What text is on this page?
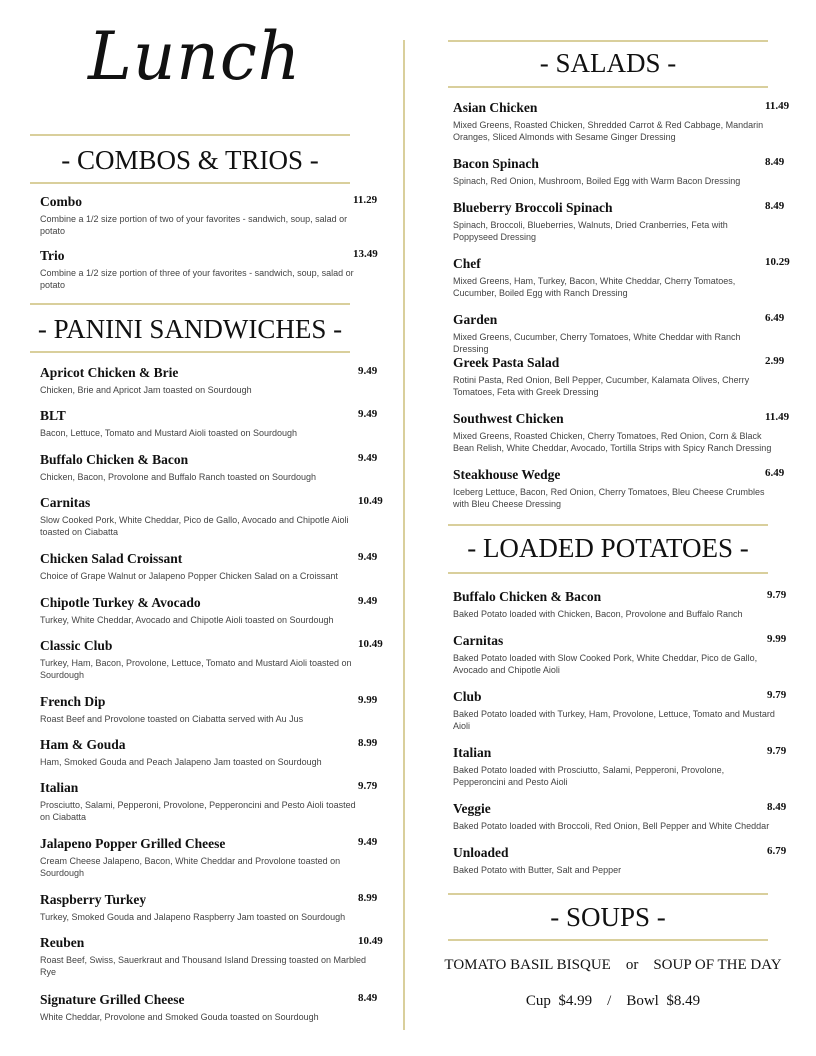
Lunch
- COMBOS & TRIOS -
Combo	11.29
Combine a 1/2 size portion of two of your favorites - sandwich, soup, salad or potato
Trio	13.49
Combine a 1/2 size portion of three of your favorites - sandwich, soup, salad or potato
- PANINI SANDWICHES -
Apricot Chicken & Brie	9.49
Chicken, Brie and Apricot Jam toasted on Sourdough
BLT	9.49
Bacon, Lettuce, Tomato and Mustard Aioli toasted on Sourdough
Buffalo Chicken & Bacon	9.49
Chicken, Bacon, Provolone and Buffalo Ranch toasted on Sourdough
Carnitas	10.49
Slow Cooked Pork, White Cheddar, Pico de Gallo, Avocado and Chipotle Aioli toasted on Ciabatta
Chicken Salad Croissant	9.49
Choice of Grape Walnut or Jalapeno Popper Chicken Salad on a Croissant
Chipotle Turkey & Avocado	9.49
Turkey, White Cheddar, Avocado and Chipotle Aioli toasted on Sourdough
Classic Club	10.49
Turkey, Ham, Bacon, Provolone, Lettuce, Tomato and Mustard Aioli toasted on Sourdough
French Dip	9.99
Roast Beef and Provolone toasted on Ciabatta served with Au Jus
Ham & Gouda	8.99
Ham, Smoked Gouda and Peach Jalapeno Jam toasted on Sourdough
Italian	9.79
Prosciutto, Salami, Pepperoni, Provolone, Pepperoncini and Pesto Aioli toasted on Ciabatta
Jalapeno Popper Grilled Cheese	9.49
Cream Cheese Jalapeno, Bacon, White Cheddar and Provolone toasted on Sourdough
Raspberry Turkey	8.99
Turkey, Smoked Gouda and Jalapeno Raspberry Jam toasted on Sourdough
Reuben	10.49
Roast Beef, Swiss, Sauerkraut and Thousand Island Dressing toasted on Marbled Rye
Signature Grilled Cheese	8.49
White Cheddar, Provolone and Smoked Gouda toasted on Sourdough
- SALADS -
Asian Chicken	11.49
Mixed Greens, Roasted Chicken, Shredded Carrot & Red Cabbage, Mandarin Oranges, Sliced Almonds with Sesame Ginger Dressing
Bacon Spinach	8.49
Spinach, Red Onion, Mushroom, Boiled Egg with Warm Bacon Dressing
Blueberry Broccoli Spinach	8.49
Spinach, Broccoli, Blueberries, Walnuts, Dried Cranberries, Feta with Poppyseed Dressing
Chef	10.29
Mixed Greens, Ham, Turkey, Bacon, White Cheddar, Cherry Tomatoes, Cucumber, Boiled Egg with Ranch Dressing
Garden	6.49
Mixed Greens, Cucumber, Cherry Tomatoes, White Cheddar with Ranch Dressing
Greek Pasta Salad	2.99
Rotini Pasta, Red Onion, Bell Pepper, Cucumber, Kalamata Olives, Cherry Tomatoes, Feta with Greek Dressing
Southwest Chicken	11.49
Mixed Greens, Roasted Chicken, Cherry Tomatoes, Red Onion, Corn & Black Bean Relish, White Cheddar, Avocado, Tortilla Strips with Spicy Ranch Dressing
Steakhouse Wedge	6.49
Iceberg Lettuce, Bacon, Red Onion, Cherry Tomatoes, Bleu Cheese Crumbles with Bleu Cheese Dressing
- LOADED POTATOES -
Buffalo Chicken & Bacon	9.79
Baked Potato loaded with Chicken, Bacon, Provolone and Buffalo Ranch
Carnitas	9.99
Baked Potato loaded with Slow Cooked Pork, White Cheddar, Pico de Gallo, Avocado and Chipotle Aioli
Club	9.79
Baked Potato loaded with Turkey, Ham, Provolone, Lettuce, Tomato and Mustard Aioli
Italian	9.79
Baked Potato loaded with Prosciutto, Salami, Pepperoni, Provolone, Pepperoncini and Pesto Aioli
Veggie	8.49
Baked Potato loaded with Broccoli, Red Onion, Bell Pepper and White Cheddar
Unloaded	6.79
Baked Potato with Butter, Salt and Pepper
- SOUPS -
TOMATO BASIL BISQUE    or    SOUP OF THE DAY
Cup  $4.99    /    Bowl  $8.49
